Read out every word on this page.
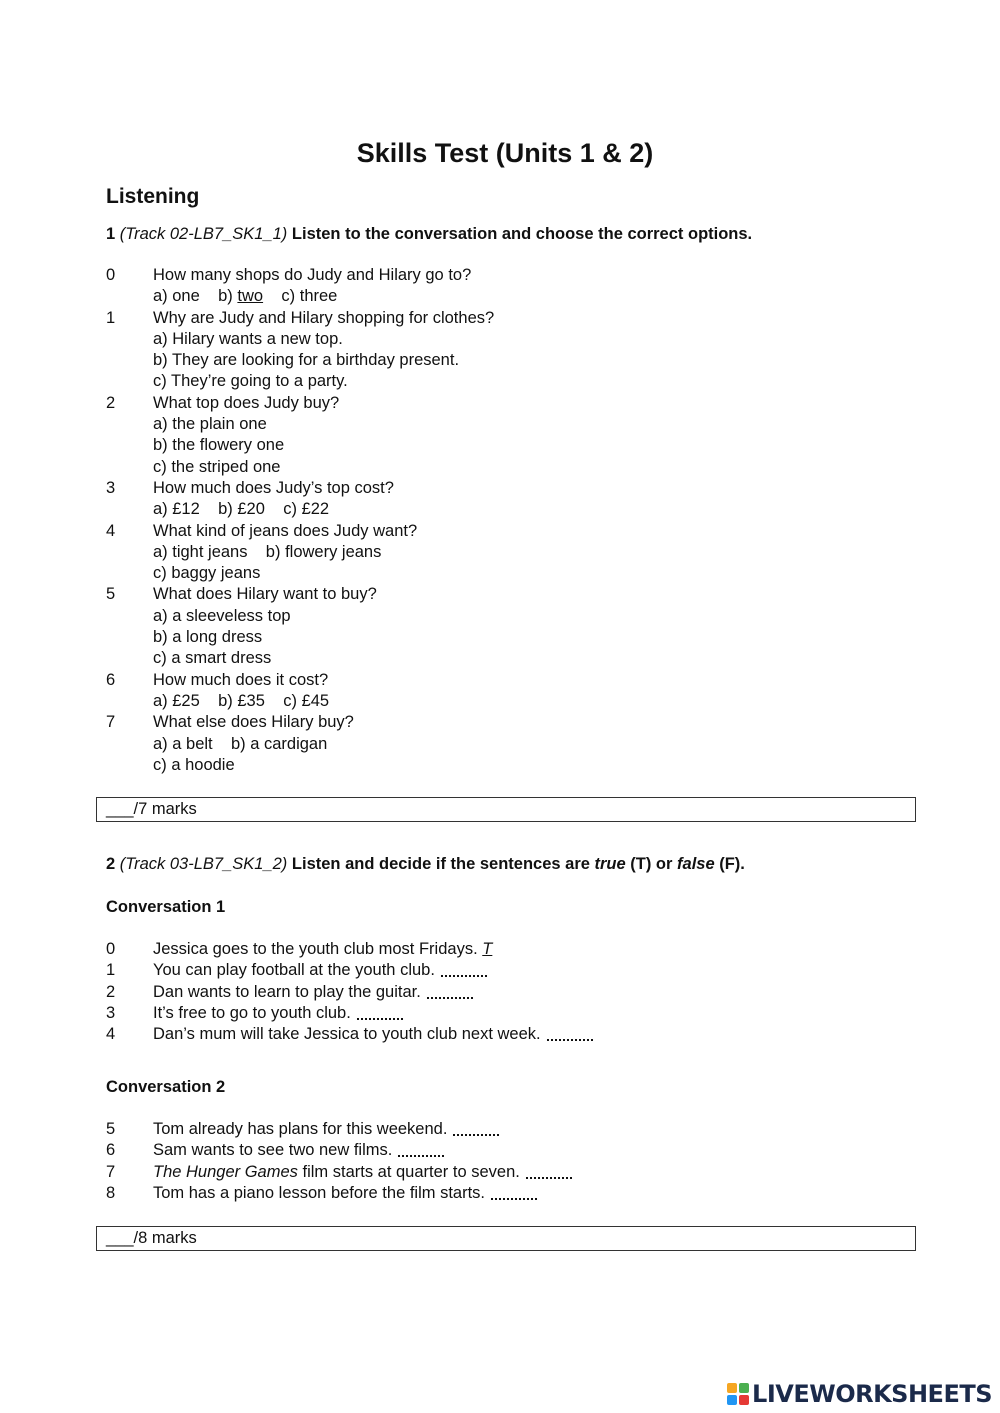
Skills Test (Units 1 & 2)
Listening
1 (Track 02-LB7_SK1_1) Listen to the conversation and choose the correct options.
0 How many shops do Judy and Hilary go to?
a) one    b) two    c) three
1 Why are Judy and Hilary shopping for clothes?
a) Hilary wants a new top.
b) They are looking for a birthday present.
c) They’re going to a party.
2 What top does Judy buy?
a) the plain one
b) the flowery one
c) the striped one
3 How much does Judy’s top cost?
a) £12    b) £20    c) £22
4 What kind of jeans does Judy want?
a) tight jeans    b) flowery jeans
c) baggy jeans
5 What does Hilary want to buy?
a) a sleeveless top
b) a long dress
c) a smart dress
6 How much does it cost?
a) £25    b) £35    c) £45
7 What else does Hilary buy?
a) a belt    b) a cardigan
c) a hoodie
___/7 marks
2 (Track 03-LB7_SK1_2) Listen and decide if the sentences are true (T) or false (F).
Conversation 1
0 Jessica goes to the youth club most Fridays. T
1 You can play football at the youth club.
2 Dan wants to learn to play the guitar.
3 It’s free to go to youth club.
4 Dan’s mum will take Jessica to youth club next week.
Conversation 2
5 Tom already has plans for this weekend.
6 Sam wants to see two new films.
7 The Hunger Games film starts at quarter to seven.
8 Tom has a piano lesson before the film starts.
___/8 marks
LIVEWORKSHEETS
